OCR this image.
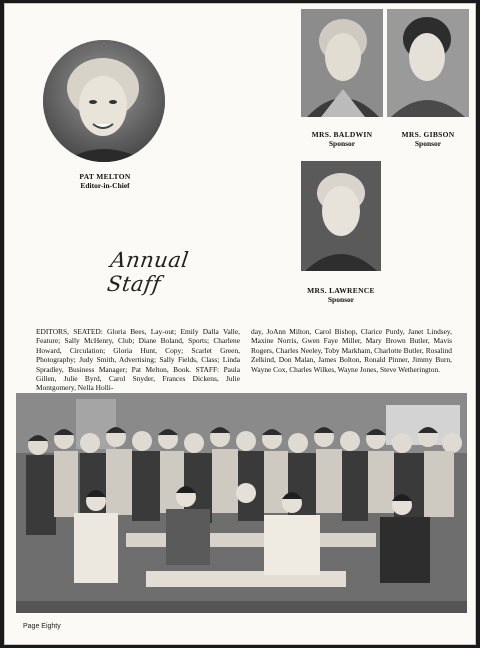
PAT MELTON
Editor-in-Chief
MRS. BALDWIN
Sponsor
MRS. GIBSON
Sponsor
MRS. LAWRENCE
Sponsor
Annual Staff
EDITORS, SEATED: Gloria Bees, Lay-out; Emily Dalla Valle, Feature; Sally McHenry, Club; Diane Boland, Sports; Charlene Howard, Circulation; Gloria Hunt, Copy; Scarlet Green, Photography; Judy Smith, Advertising; Sally Fields, Class; Linda Spradley, Business Manager; Pat Melton, Book. STAFF: Paula Gillen, Julie Byrd, Carol Snyder, Frances Dickens, Julie Montgomery, Nella Holli-
day, JoAnn Milton, Carol Bishop, Clarice Purdy, Janet Lindsey, Maxine Norris, Gwen Faye Miller, Mary Brown Butler, Mavis Rogers, Charles Neeley, Toby Markham, Charlotte Butler, Rosalind Zelkind, Don Malan, James Bolton, Ronald Pinner, Jimmy Burn, Wayne Cox, Charles Wilkes, Wayne Jones, Steve Wetherington.
Page Eighty
